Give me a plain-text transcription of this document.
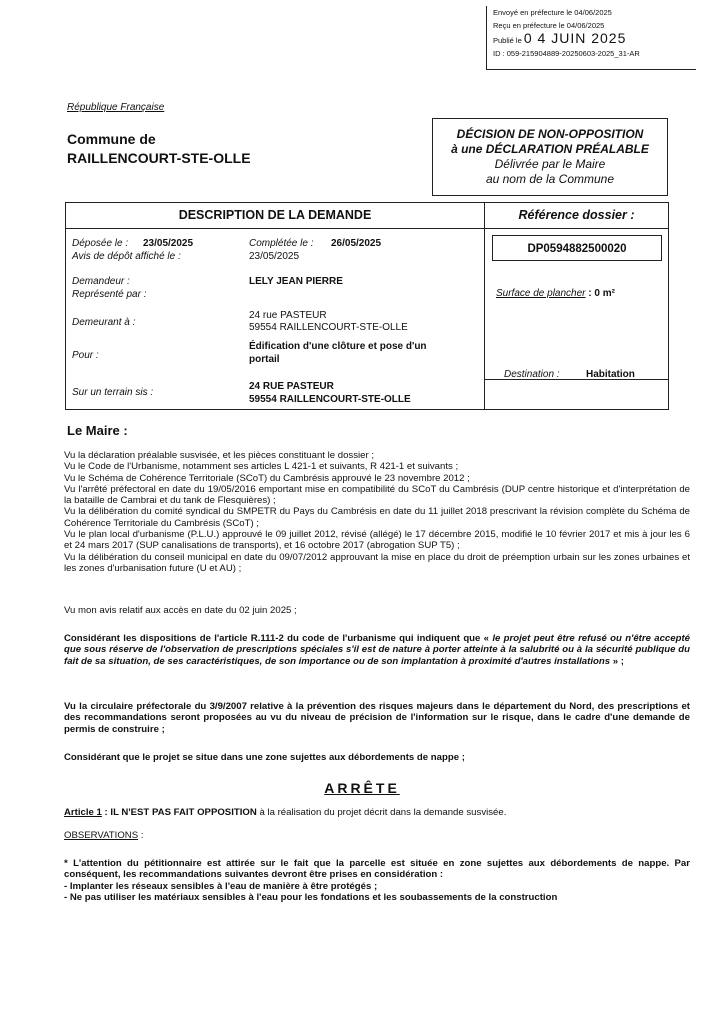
Envoyé en préfecture le 04/06/2025
Reçu en préfecture le 04/06/2025
Publié le 0 4 JUIN 2025
ID : 059-215904889-20250603-2025_31-AR
République Française
Commune de
RAILLENCOURT-STE-OLLE
DÉCISION DE NON-OPPOSITION
à une DÉCLARATION PRÉALABLE
Délivrée par le Maire
au nom de la Commune
DESCRIPTION DE LA DEMANDE	Référence dossier :
DP0594882500020
Déposée le : 23/05/2025	Complétée le : 26/05/2025
Avis de dépôt affiché le :	23/05/2025
Demandeur :	LELY JEAN PIERRE
Représenté par :
Demeurant à :
24 rue PASTEUR
59554 RAILLENCOURT-STE-OLLE
Pour :
Édification d'une clôture et pose d'un
portail
Sur un terrain sis :
24 RUE PASTEUR
59554 RAILLENCOURT-STE-OLLE
Surface de plancher : 0 m²
Destination :	Habitation
Le Maire :

Vu la déclaration préalable susvisée, et les pièces constituant le dossier ;

Vu le Code de l'Urbanisme, notamment ses articles L 421-1 et suivants, R 421-1 et suivants ;

Vu le Schéma de Cohérence Territoriale (SCoT) du Cambrésis approuvé le 23 novembre 2012 ;

Vu l'arrêté préfectoral en date du 19/05/2016 emportant mise en compatibilité du SCoT du Cambrésis (DUP centre historique et d'interprétation de la bataille de Cambrai et du tank de Flesquières) ;

Vu la délibération du comité syndical du SMPETR du Pays du Cambrésis en date du 11 juillet 2018 prescrivant la révision complète du Schéma de Cohérence Territoriale du Cambrésis (SCoT) ;

Vu le plan local d'urbanisme (P.L.U.) approuvé le 09 juillet 2012, révisé (allégé) le 17 décembre 2015, modifié le 10 février 2017 et mis à jour les 6 et 24 mars 2017 (SUP canalisations de transports), et 16 octobre 2017 (abrogation SUP T5) ;

Vu la délibération du conseil municipal en date du 09/07/2012 approuvant la mise en place du droit de préemption urbain sur les zones urbaines et les zones d'urbanisation future (U et AU) ;

Vu mon avis relatif aux accès en date du 02 juin 2025 ;
Considérant les dispositions de l'article R.111-2 du code de l'urbanisme qui indiquent que « le projet peut être refusé ou n'être accepté que sous réserve de l'observation de prescriptions spéciales s'il est de nature à porter atteinte à la salubrité ou à la sécurité publique du fait de sa situation, de ses caractéristiques, de son importance ou de son implantation à proximité d'autres installations » ;
Vu la circulaire préfectorale du 3/9/2007 relative à la prévention des risques majeurs dans le département du Nord, des prescriptions et des recommandations seront proposées au vu du niveau de précision de l'information sur le risque, dans le cadre d'une demande de permis de construire ;
Considérant que le projet se situe dans une zone sujettes aux débordements de nappe ;
ARRÊTE
Article 1 : IL N'EST PAS FAIT OPPOSITION à la réalisation du projet décrit dans la demande susvisée.
OBSERVATIONS :

* L'attention du pétitionnaire est attirée sur le fait que la parcelle est située en zone sujettes aux débordements de nappe. Par conséquent, les recommandations suivantes devront être prises en considération :

- Implanter les réseaux sensibles à l'eau de manière à être protégés ;

- Ne pas utiliser les matériaux sensibles à l'eau pour les fondations et les soubassements de la construction
